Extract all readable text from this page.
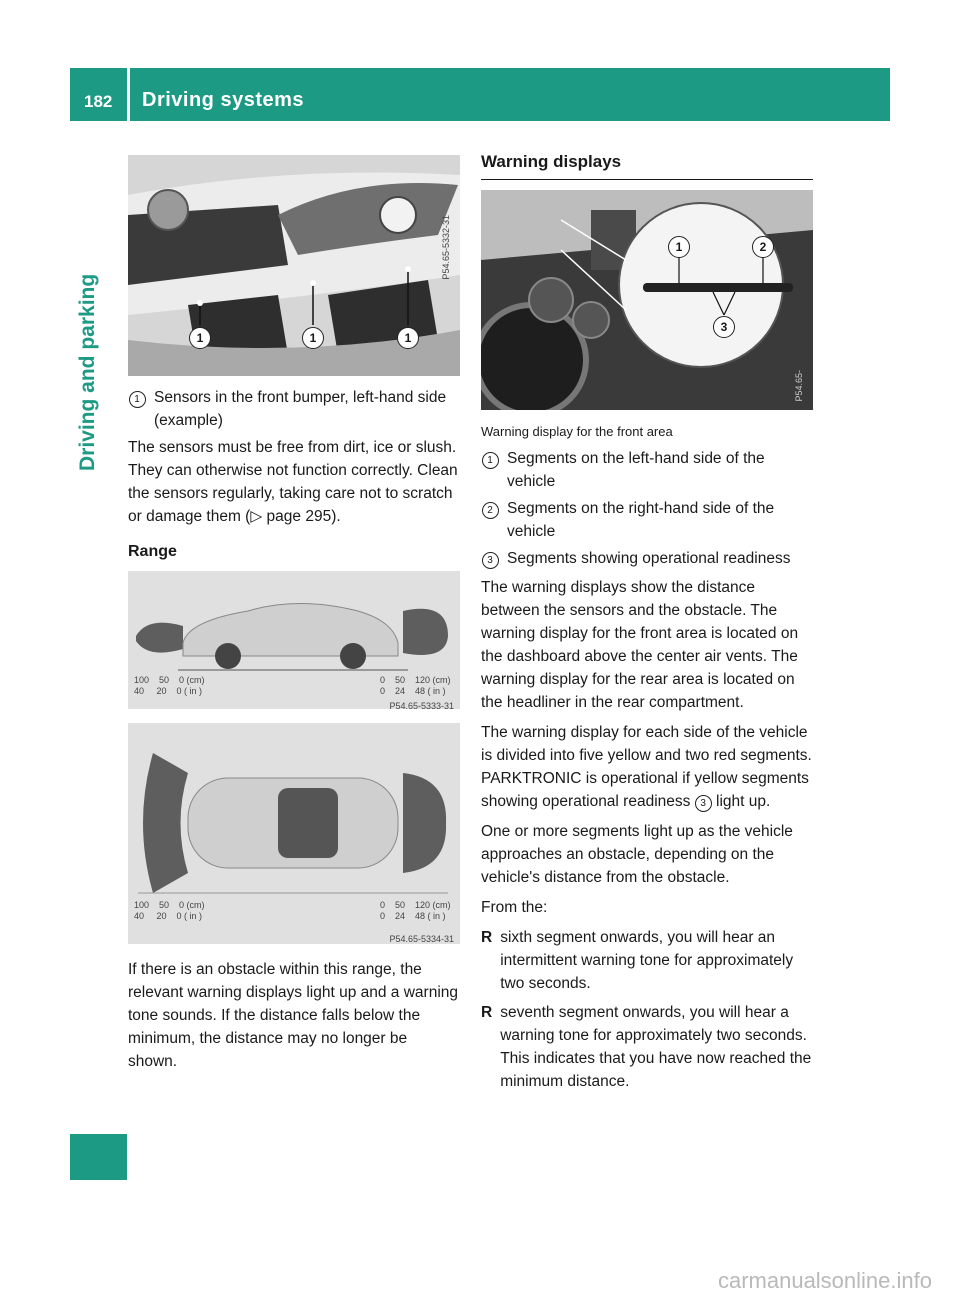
182 Driving systems
Driving and parking	1	1	1
P54.65-5332-31
1 Sensors in the front bumper, left-hand side (example)

The sensors must be free from dirt, ice or slush. They can otherwise not function correctly. Clean the sensors regularly, taking care not to scratch or damage them (▷ page 295).

Range
100    50    0 (cm)
40     20    0 ( in )
0    50    120 (cm)
0    24    48 ( in )
P54.65-5333-31
100    50    0 (cm)
40     20    0 ( in )
0    50    120 (cm)
0    24    48 ( in )
P54.65-5334-31

If there is an obstacle within this range, the relevant warning displays light up and a warning tone sounds. If the distance falls below the minimum, the distance may no longer be shown.

Warning displays
1	2
3
P54.65-
Warning display for the front area
1 Segments on the left-hand side of the vehicle
2 Segments on the right-hand side of the vehicle
3 Segments showing operational readiness

The warning displays show the distance between the sensors and the obstacle. The warning display for the front area is located on the dashboard above the center air vents. The warning display for the rear area is located on the headliner in the rear compartment.

The warning display for each side of the vehicle is divided into five yellow and two red segments. PARKTRONIC is operational if yellow segments showing operational readiness 3 light up.

One or more segments light up as the vehicle approaches an obstacle, depending on the vehicle's distance from the obstacle.

From the:

R sixth segment onwards, you will hear an intermittent warning tone for approximately two seconds.
R seventh segment onwards, you will hear a warning tone for approximately two seconds. This indicates that you have now reached the minimum distance.
carmanualsonline.info
